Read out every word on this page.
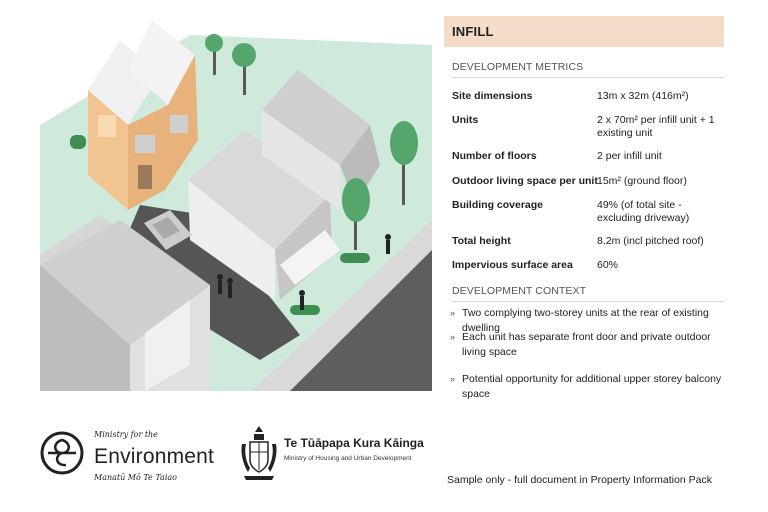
INFILL
DEVELOPMENT METRICS
Site dimensions	13m x 32m (416m²)
Units	2 x 70m² per infill unit + 1 existing unit
Number of floors	2 per infill unit
Outdoor living space per unit 15m² (ground floor)
Building coverage	49% (of total site - excluding driveway)
Total height	8.2m (incl pitched roof)
Impervious surface area 60%
DEVELOPMENT CONTEXT
» Two complying two-storey units at the rear of existing dwelling
» Each unit has separate front door and private outdoor living space
» Potential opportunity for additional upper storey balcony space
Ministry for the
Environment
Manatū Mō Te Taiao
Te Tūāpapa Kura Kāinga
Ministry of Housing and Urban Development
Sample only - full document in Property Information Pack
